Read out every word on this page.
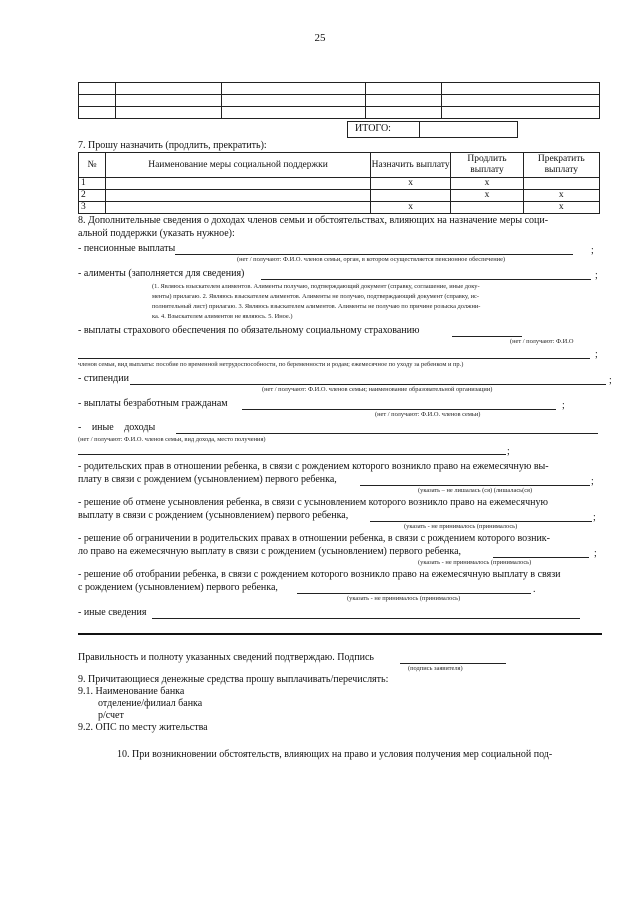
25

ИТОГО:
7. Прошу назначить (продлить, прекратить):
№	Наименование меры социальной поддержки	Назначить выплату	Продлить выплату	Прекратить выплату
1		х	х	
2			х	х
3		х		х
8. Дополнительные сведения о доходах членов семьи и обстоятельствах, влияющих на назначение меры соци-
альной поддержки (указать нужное):
- пенсионные выплаты	;
(нет / получают: Ф.И.О. членов семьи, орган, в котором осуществляется пенсионное обеспечение)
- алименты (заполняется для сведения)	;
(1. Являюсь взыскателем алиментов. Алименты получаю, подтверждающий документ (справку, соглашение, иные доку-
менты) прилагаю. 2. Являюсь взыскателем алиментов. Алименты не получаю, подтверждающий документ (справку, ис-
полнительный лист) прилагаю. 3. Являюсь взыскателем алиментов. Алименты не получаю по причине розыска должни-
ка. 4. Взыскателем алиментов не являюсь. 5. Иное.)
- выплаты страхового обеспечения по обязательному социальному страхованию
(нет / получают: Ф.И.О
;
членов семьи, вид выплаты: пособие по временной нетрудоспособности, по беременности и родам; ежемесячное по уходу за ребенком и пр.)
- стипендии	;
(нет / получают: Ф.И.О. членов семьи; наименование образовательной организации)
- выплаты безработным гражданам	;
(нет / получают: Ф.И.О. членов семьи)
- иные доходы
(нет / получают: Ф.И.О. членов семьи, вид дохода, место получения)
;
- родительских прав в отношении ребенка, в связи с рождением которого возникло право на ежемесячную вы-
плату в связи с рождением (усыновлением) первого ребенка,	;
(указать – не лишалась (ся) (лишалась(ся)
- решение об отмене усыновления ребенка, в связи с усыновлением которого возникло право на ежемесячную
выплату в связи с рождением (усыновлением) первого ребенка,	;
(указать - не принималось (принималось)
- решение об ограничении в родительских правах в отношении ребенка, в связи с рождением которого возник-
ло право на ежемесячную выплату в связи с рождением (усыновлением) первого ребенка,	;
(указать - не принималось (принималось)
- решение об отобрании ребенка, в связи с рождением которого возникло право на ежемесячную выплату в связи
с рождением (усыновлением) первого ребенка,	.
(указать - не принималось (принималось)
- иные сведения
Правильность и полноту указанных сведений подтверждаю. Подпись
(подпись заявителя)
9. Причитающиеся денежные средства прошу выплачивать/перечислять:
9.1. Наименование банка
отделение/филиал банка
р/счет
9.2. ОПС по месту жительства
10. При возникновении обстоятельств, влияющих на право и условия получения мер социальной под-
